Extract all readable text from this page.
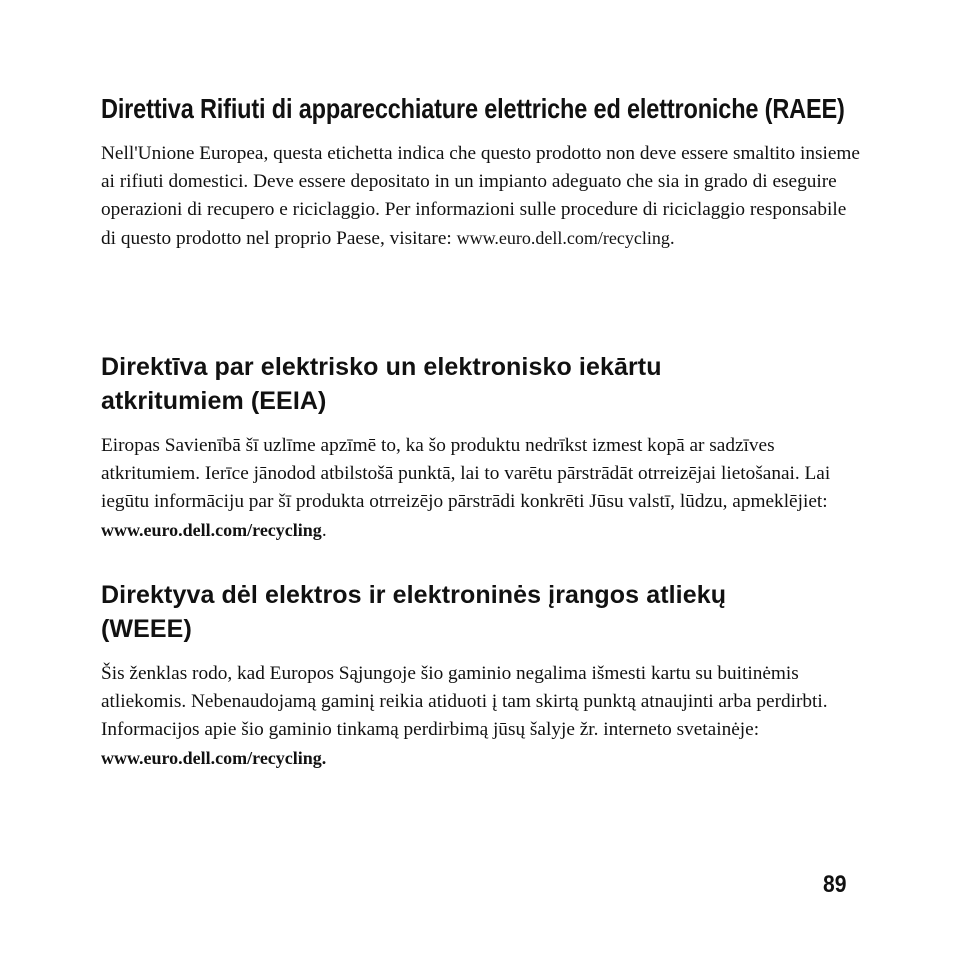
Direttiva Rifiuti di apparecchiature elettriche ed elettroniche (RAEE)

Nell'Unione Europea, questa etichetta indica che questo prodotto non deve essere smaltito insieme ai rifiuti domestici. Deve essere depositato in un impianto adeguato che sia in grado di eseguire operazioni di recupero e riciclaggio. Per informazioni sulle procedure di riciclaggio responsabile di questo prodotto nel proprio Paese, visitare: www.euro.dell.com/recycling.

Direktīva par elektrisko un elektronisko iekārtu atkritumiem (EEIA)

Eiropas Savienībā šī uzlīme apzīmē to, ka šo produktu nedrīkst izmest kopā ar sadzīves atkritumiem. Ierīce jānodod atbilstošā punktā, lai to varētu pārstrādāt otrreizējai lietošanai. Lai iegūtu informāciju par šī produkta otrreizējo pārstrādi konkrēti Jūsu valstī, lūdzu, apmeklējiet: www.euro.dell.com/recycling.

Direktyva dėl elektros ir elektroninės įrangos atliekų (WEEE)

Šis ženklas rodo, kad Europos Sąjungoje šio gaminio negalima išmesti kartu su buitinėmis atliekomis. Nebenaudojamą gaminį reikia atiduoti į tam skirtą punktą atnaujinti arba perdirbti. Informacijos apie šio gaminio tinkamą perdirbimą jūsų šalyje žr. interneto svetainėje: www.euro.dell.com/recycling.

89
